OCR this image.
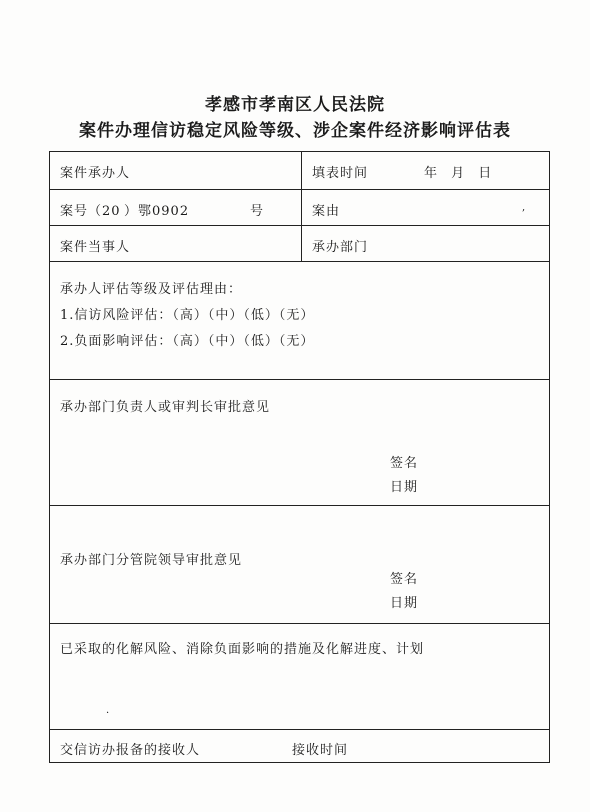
孝感市孝南区人民法院
案件办理信访稳定风险等级、涉企案件经济影响评估表
案件承办人	填表时间	年 月 日
案号（20 ）鄂0902	号	案由	,
案件当事人	承办部门
承办人评估等级及评估理由：
1.信访风险评估：（高）（中）（低）（无）
2.负面影响评估：（高）（中）（低）（无）
承办部门负责人或审判长审批意见
签名
日期
承办部门分管院领导审批意见
签名
日期
已采取的化解风险、消除负面影响的措施及化解进度、计划
·
交信访办报备的接收人	接收时间
